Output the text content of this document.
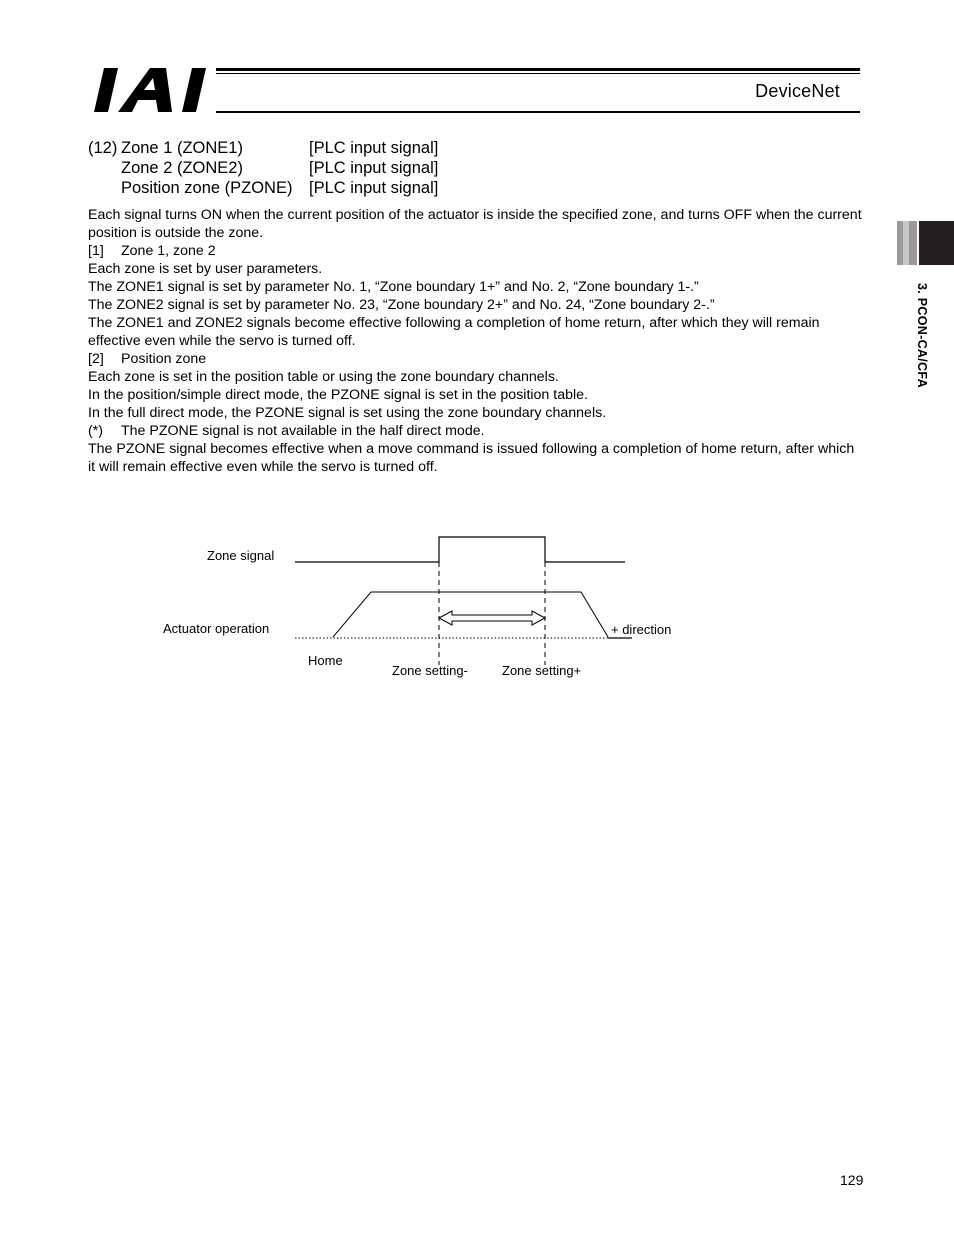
DeviceNet
3. PCON-CA/CFA
(12) Zone 1 (ZONE1)	[PLC input signal]
Zone 2 (ZONE2)	[PLC input signal]
Position zone (PZONE) [PLC input signal]

Each signal turns ON when the current position of the actuator is inside the specified zone, and turns OFF when the current position is outside the zone.

[1] Zone 1, zone 2

Each zone is set by user parameters.

The ZONE1 signal is set by parameter No. 1, “Zone boundary 1+” and No. 2, “Zone boundary 1-.”

The ZONE2 signal is set by parameter No. 23, “Zone boundary 2+” and No. 24, “Zone boundary 2-.”

The ZONE1 and ZONE2 signals become effective following a completion of home return, after which they will remain effective even while the servo is turned off.

[2] Position zone

Each zone is set in the position table or using the zone boundary channels.

In the position/simple direct mode, the PZONE signal is set in the position table.

In the full direct mode, the PZONE signal is set using the zone boundary channels.

(*) The PZONE signal is not available in the half direct mode.

The PZONE signal becomes effective when a move command is issued following a completion of home return, after which it will remain effective even while the servo is turned off.

Zone signal
Actuator operation	+ direction
Home
Zone setting-	Zone setting+
129
